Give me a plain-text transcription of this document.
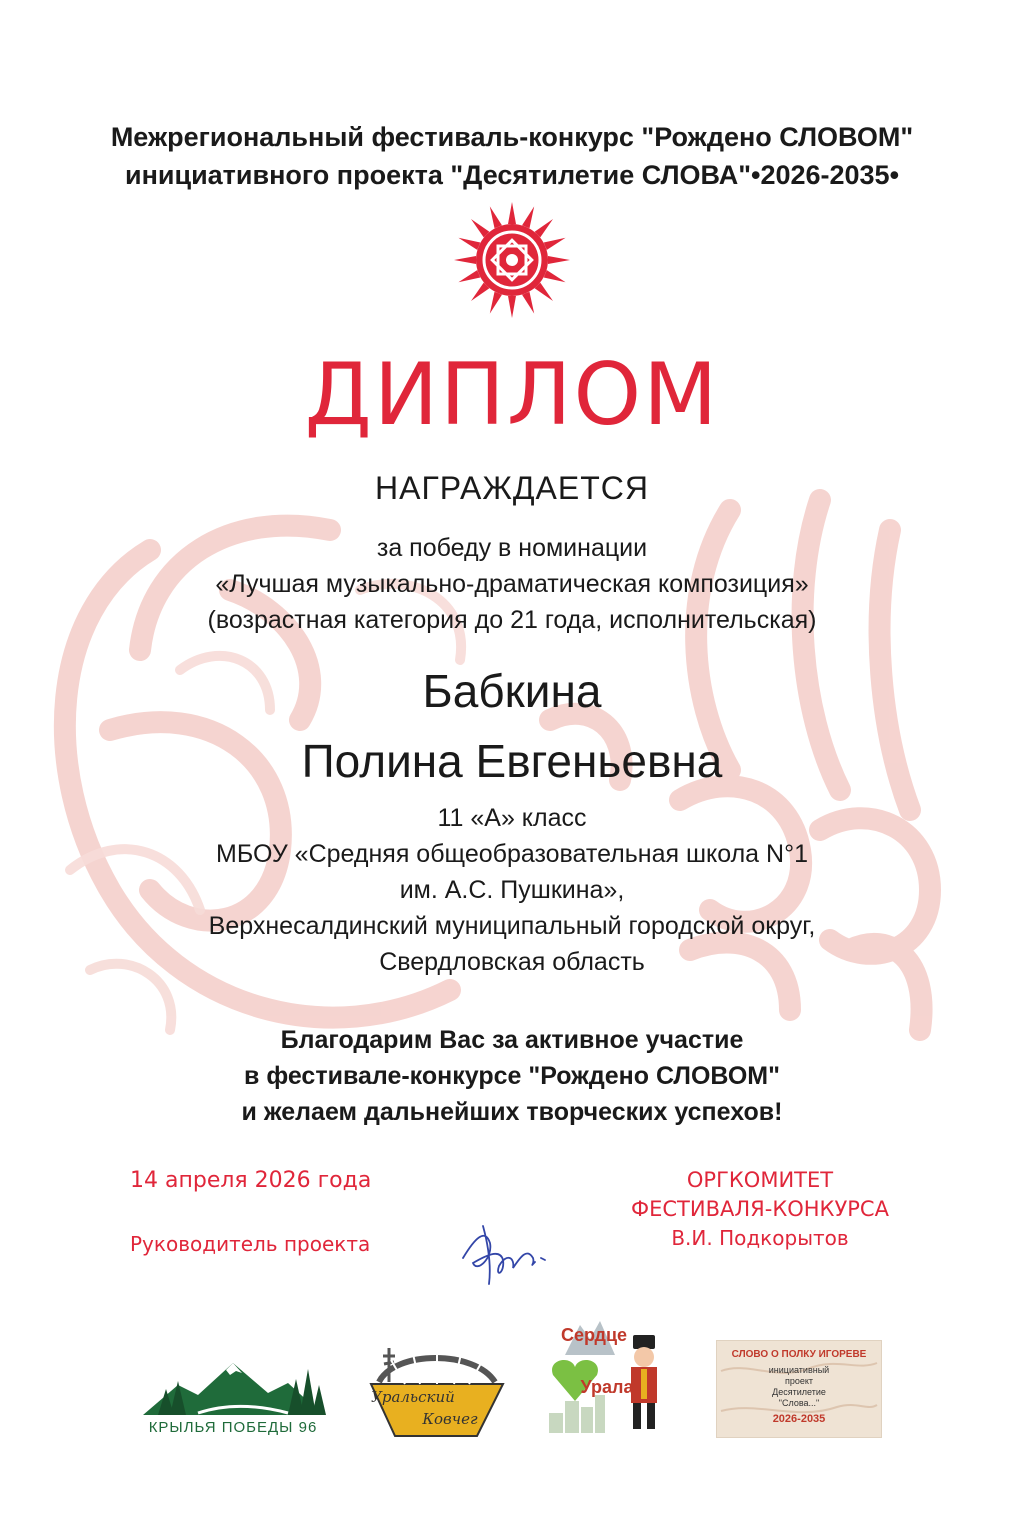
Межрегиональный фестиваль-конкурс "Рождено СЛОВОМ"
инициативного проекта "Десятилетие СЛОВА"•2026-2035•
ДИПЛОМ
НАГРАЖДАЕТСЯ
за победу в номинации
«Лучшая музыкально-драматическая композиция»
(возрастная категория до 21 года, исполнительская)
Бабкина
Полина Евгеньевна
11 «А» класс
МБОУ «Средняя общеобразовательная школа N°1
им. А.С. Пушкина»,
Верхнесалдинский муниципальный городской округ,
Свердловская область
Благодарим Вас за активное участие
в фестивале-конкурсе "Рождено СЛОВОМ"
и желаем дальнейших творческих успехов!
14 апреля 2026 года
Руководитель проекта
ОРГКОМИТЕТ
ФЕСТИВАЛЯ-КОНКУРСА
В.И. Подкорытов
КРЫЛЬЯ ПОБЕДЫ 96
Уральский
Ковчег
Сердце
Урала
СЛОВО О ПОЛКУ ИГОРЕВЕ
инициативный
проект
Десятилетие
"Слова..."
2026-2035
